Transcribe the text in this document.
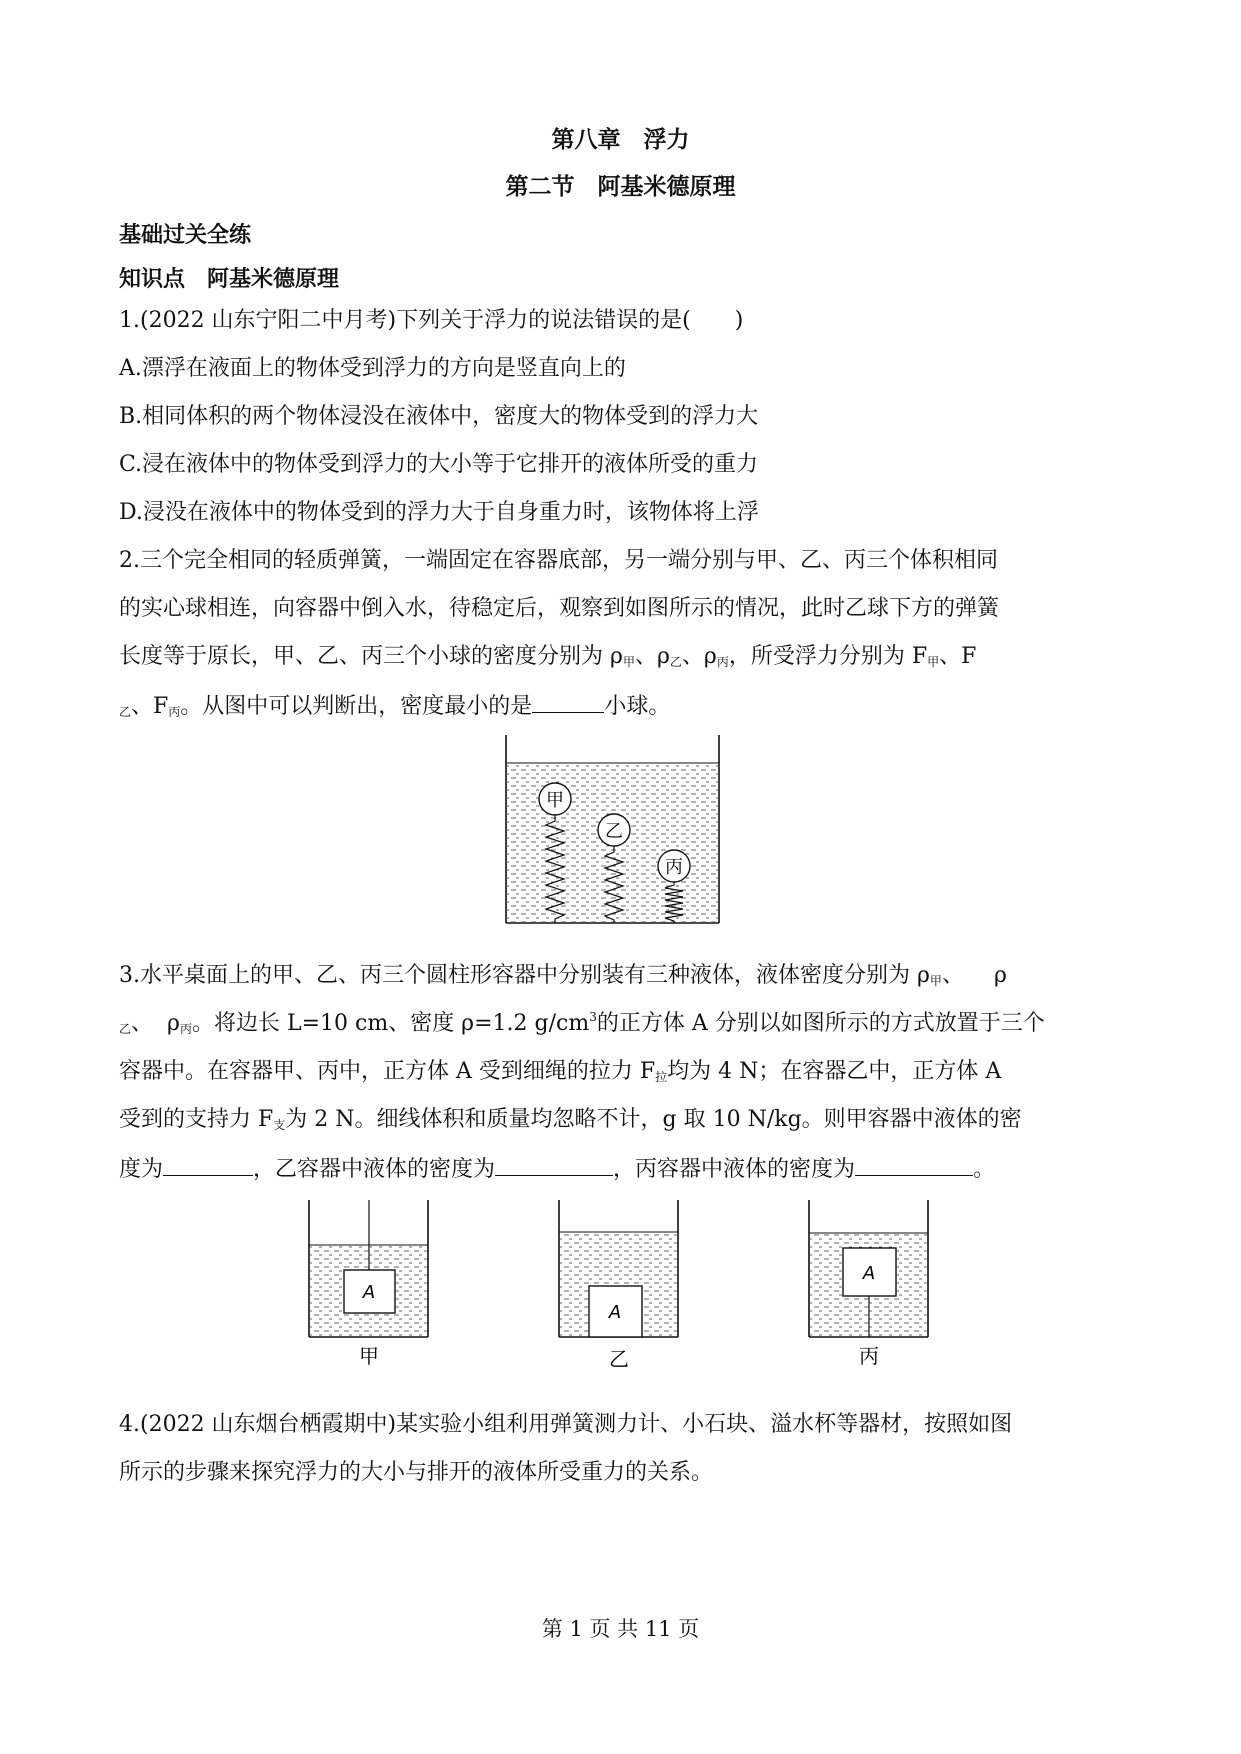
第八章　浮力
第二节　阿基米德原理
基础过关全练
知识点　阿基米德原理
1.(2022 山东宁阳二中月考)下列关于浮力的说法错误的是(　　)
A.漂浮在液面上的物体受到浮力的方向是竖直向上的
B.相同体积的两个物体浸没在液体中，密度大的物体受到的浮力大
C.浸在液体中的物体受到浮力的大小等于它排开的液体所受的重力
D.浸没在液体中的物体受到的浮力大于自身重力时，该物体将上浮
2.三个完全相同的轻质弹簧，一端固定在容器底部，另一端分别与甲、乙、丙三个体积相同
的实心球相连，向容器中倒入水，待稳定后，观察到如图所示的情况，此时乙球下方的弹簧
长度等于原长，甲、乙、丙三个小球的密度分别为 ρ甲、ρ乙、ρ丙，所受浮力分别为 F甲、F
乙、F丙。从图中可以判断出，密度最小的是	小球。
甲
乙
丙
3.水平桌面上的甲、乙、丙三个圆柱形容器中分别装有三种液体，液体密度分别为 ρ甲、 ρ
乙、 ρ丙。将边长 L=10 cm、密度 ρ=1.2 $g/cm^3$的正方体 A 分别以如图所示的方式放置于三个
容器中。在容器甲、丙中，正方体 A 受到细绳的拉力 F拉均为 4 N；在容器乙中，正方体 A
受到的支持力 F支为 2 N。细线体积和质量均忽略不计，g 取 10 N/kg。则甲容器中液体的密
度为	，乙容器中液体的密度为	，丙容器中液体的密度为	。
A
甲
A
乙
A
丙
4.(2022 山东烟台栖霞期中)某实验小组利用弹簧测力计、小石块、溢水杯等器材，按照如图
所示的步骤来探究浮力的大小与排开的液体所受重力的关系。
第 1 页 共 11 页
